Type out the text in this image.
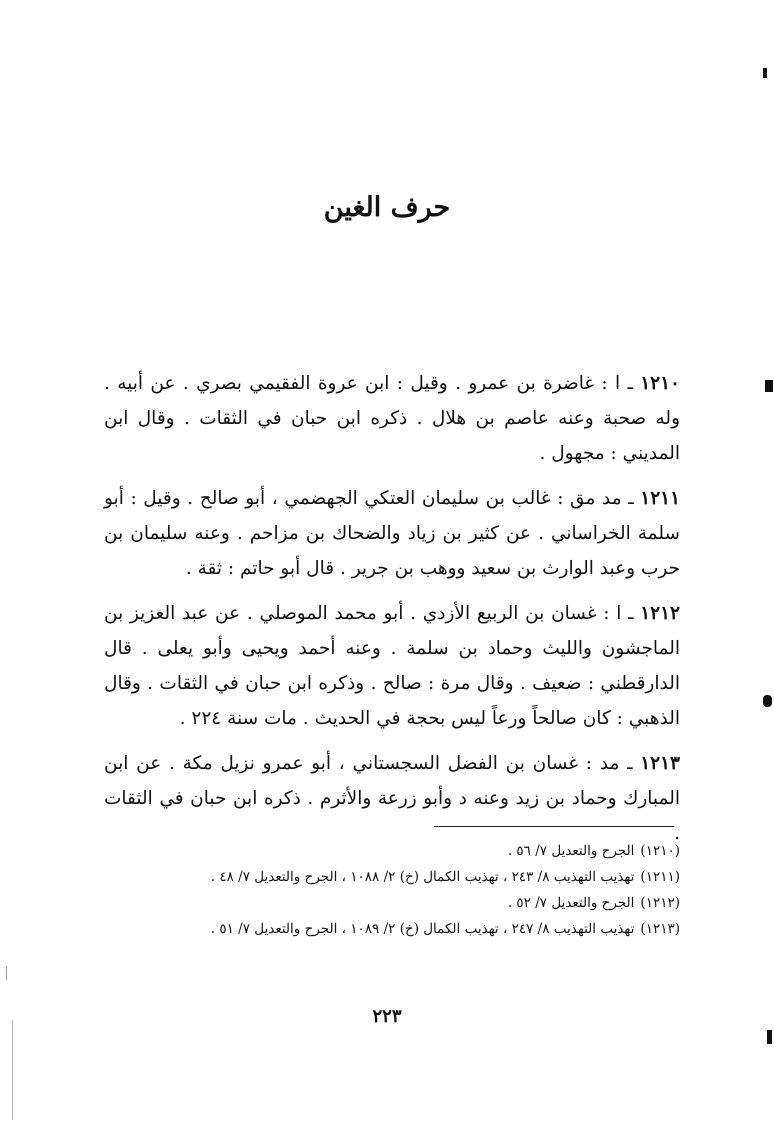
حرف الغين

١٢١٠ ـ ا : غاضرة بن عمرو . وقيل : ابن عروة الفقيمي بصري . عن أبيه . وله صحبة وعنه عاصم بن هلال . ذكره ابن حبان في الثقات . وقال ابن المديني : مجهول .

١٢١١ ـ مد مق : غالب بن سليمان العتكي الجهضمي ، أبو صالح . وقيل : أبو سلمة الخراساني . عن كثير بن زياد والضحاك بن مزاحم . وعنه سليمان بن حرب وعبد الوارث بن سعيد ووهب بن جرير . قال أبو حاتم : ثقة .

١٢١٢ ـ ا : غسان بن الربيع الأزدي . أبو محمد الموصلي . عن عبد العزيز بن الماجشون والليث وحماد بن سلمة . وعنه أحمد ويحيى وأبو يعلى . قال الدارقطني : ضعيف . وقال مرة : صالح . وذكره ابن حبان في الثقات . وقال الذهبي : كان صالحاً ورعاً ليس بحجة في الحديث . مات سنة ٢٢٤ .

١٢١٣ ـ مد : غسان بن الفضل السجستاني ، أبو عمرو نزيل مكة . عن ابن المبارك وحماد بن زيد وعنه د وأبو زرعة والأثرم . ذكره ابن حبان في الثقات .

(١٢١٠)
الجرح والتعديل ٧/ ٥٦ .
(١٢١١)
تهذيب التهذيب ٨/ ٢٤٣ ، تهذيب الكمال (خ) ٢/ ١٠٨٨ ، الجرح والتعديل ٧/ ٤٨ .
(١٢١٢)
الجرح والتعديل ٧/ ٥٢ .
(١٢١٣)
تهذيب التهذيب ٨/ ٢٤٧ ، تهذيب الكمال (خ) ٢/ ١٠٨٩ ، الجرح والتعديل ٧/ ٥١ .
٢٢٣
